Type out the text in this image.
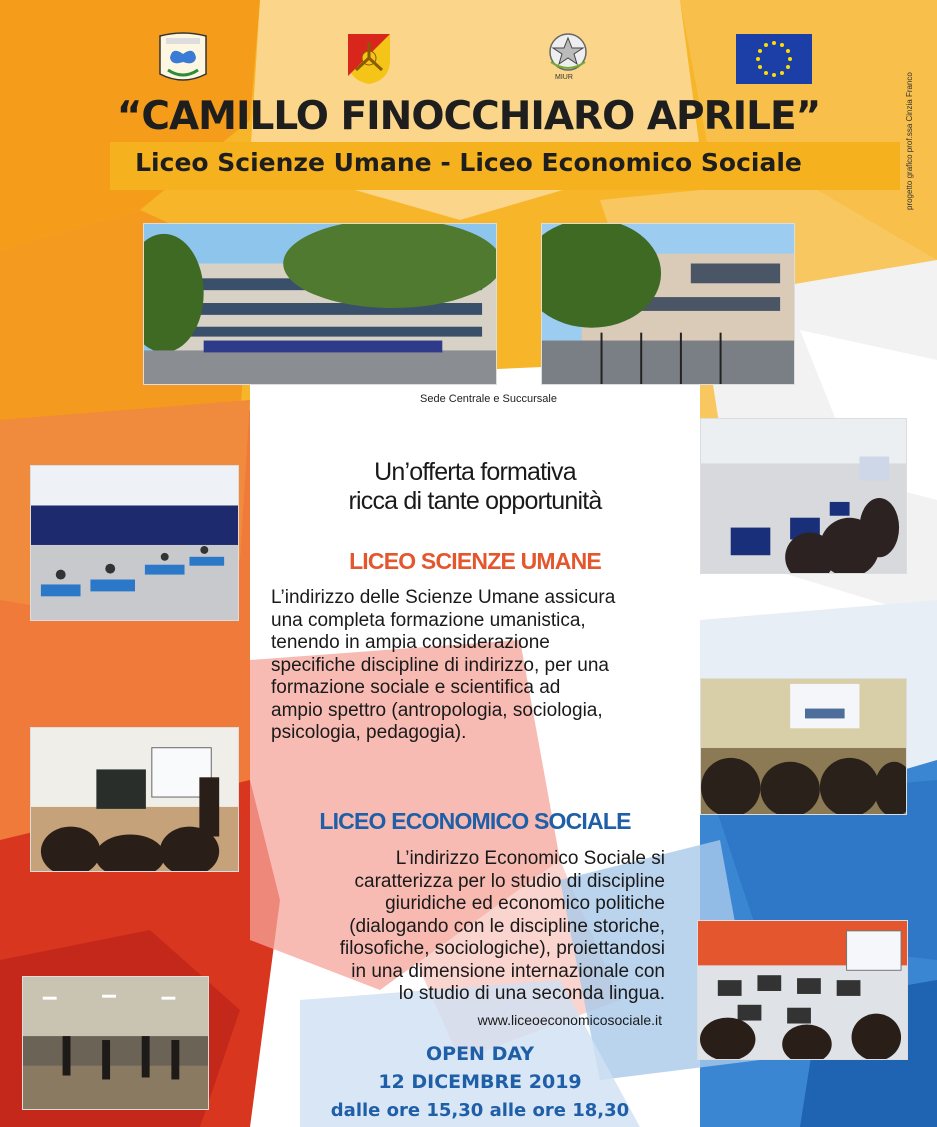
MIUR
“CAMILLO FINOCCHIARO APRILE”
Liceo Scienze Umane - Liceo Economico Sociale	progetto grafico prof.ssa Cinzia Franco
Sede Centrale e Succursale
Un’offerta formativa
ricca di tante opportunità
LICEO SCIENZE UMANE
L’indirizzo delle Scienze Umane assicura
una completa formazione umanistica,
tenendo in ampia considerazione
specifiche discipline di indirizzo, per una
formazione sociale e scientifica ad
ampio spettro (antropologia, sociologia,
psicologia, pedagogia).
LICEO ECONOMICO SOCIALE
L’indirizzo Economico Sociale si
caratterizza per lo studio di discipline
giuridiche ed economico politiche
(dialogando con le discipline storiche,
filosofiche, sociologiche), proiettandosi
in una dimensione internazionale con
lo studio di una seconda lingua.
www.liceoeconomicosociale.it
OPEN DAY
12 DICEMBRE 2019
dalle ore 15,30 alle ore 18,30
